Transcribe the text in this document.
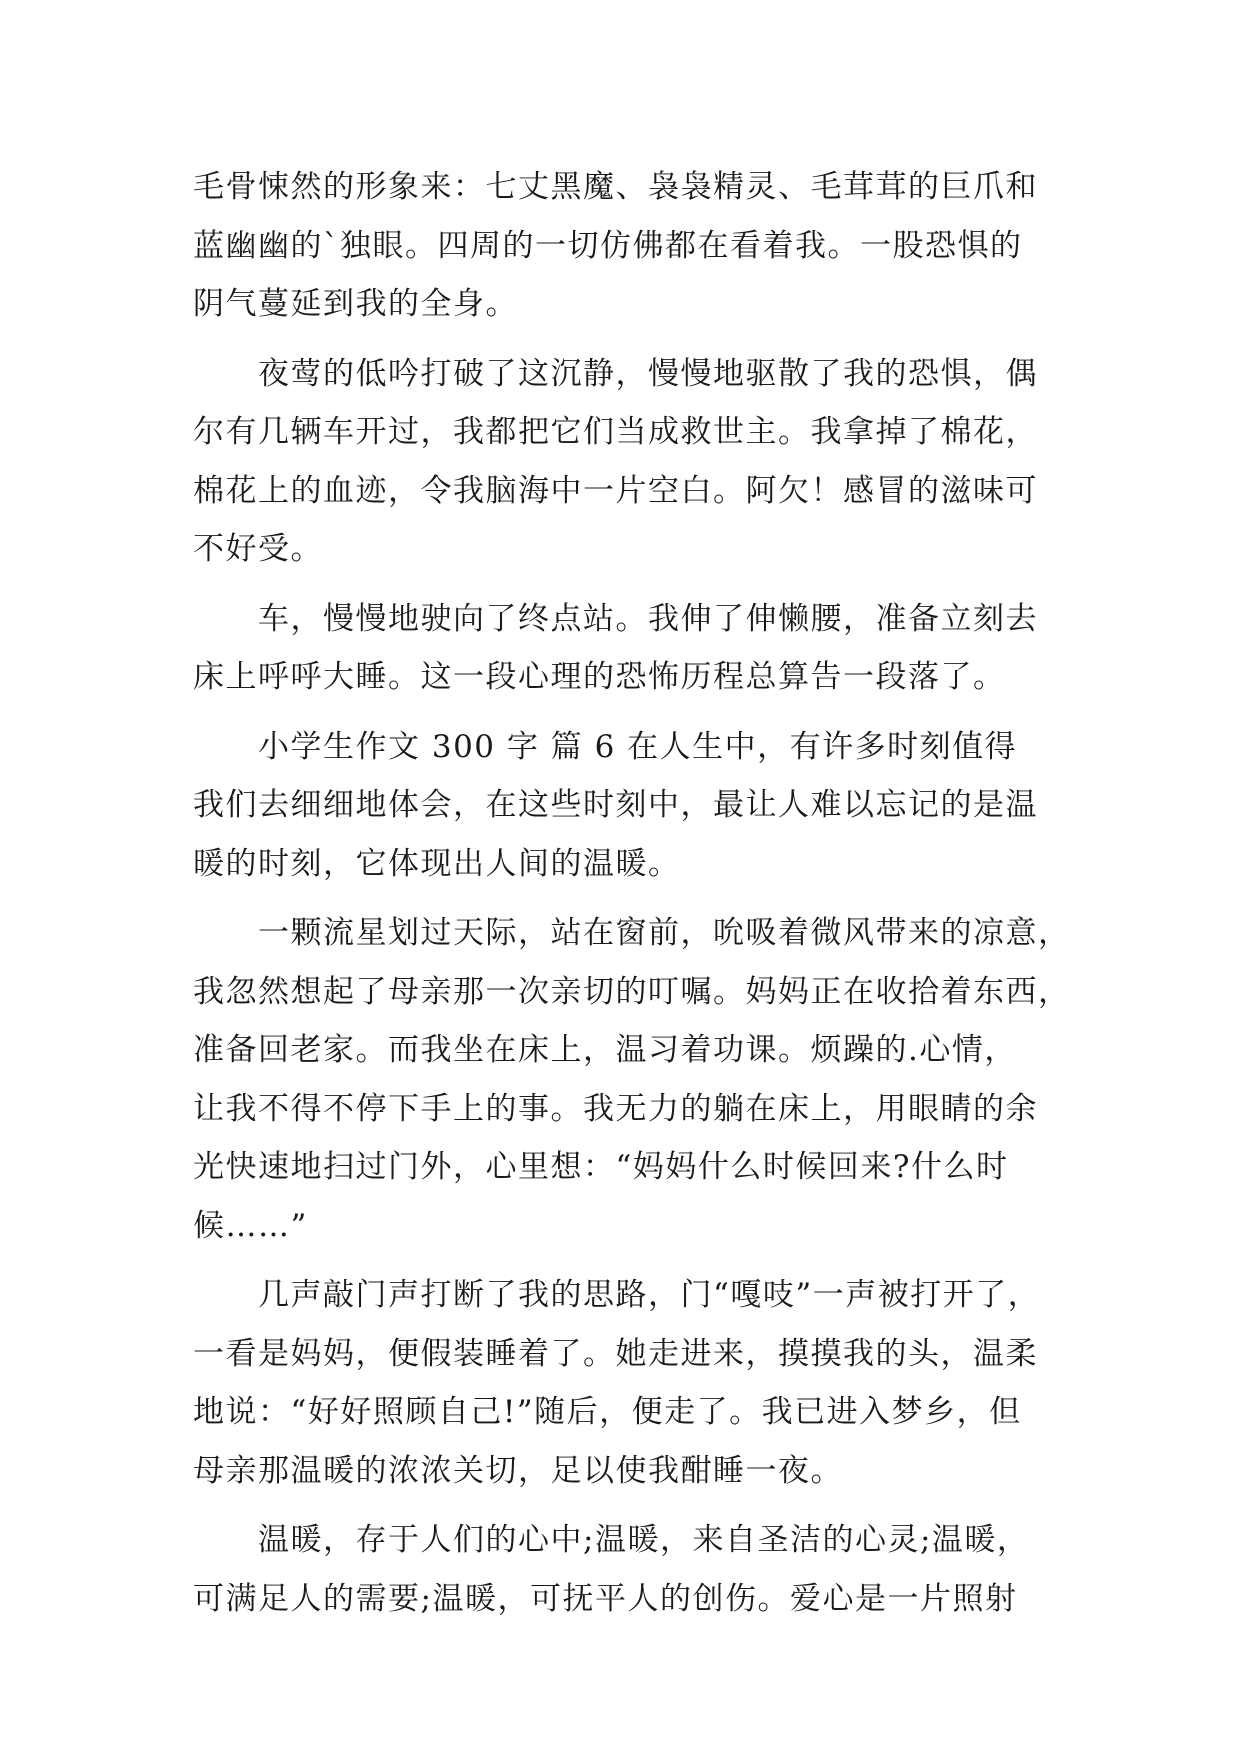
毛骨悚然的形象来：七丈黑魔、袅袅精灵、毛茸茸的巨爪和
蓝幽幽的`独眼。四周的一切仿佛都在看着我。一股恐惧的
阴气蔓延到我的全身。
夜莺的低吟打破了这沉静，慢慢地驱散了我的恐惧，偶
尔有几辆车开过，我都把它们当成救世主。我拿掉了棉花，
棉花上的血迹，令我脑海中一片空白。阿欠！感冒的滋味可
不好受。
车，慢慢地驶向了终点站。我伸了伸懒腰，准备立刻去
床上呼呼大睡。这一段心理的恐怖历程总算告一段落了。
小学生作文 300 字 篇 6 在人生中，有许多时刻值得
我们去细细地体会，在这些时刻中，最让人难以忘记的是温
暖的时刻，它体现出人间的温暖。
一颗流星划过天际，站在窗前，吮吸着微风带来的凉意，
我忽然想起了母亲那一次亲切的叮嘱。妈妈正在收拾着东西，
准备回老家。而我坐在床上，温习着功课。烦躁的.心情，
让我不得不停下手上的事。我无力的躺在床上，用眼睛的余
光快速地扫过门外，心里想：“妈妈什么时候回来?什么时
候……”
几声敲门声打断了我的思路，门“嘎吱”一声被打开了，
一看是妈妈，便假装睡着了。她走进来，摸摸我的头，温柔
地说：“好好照顾自己!”随后，便走了。我已进入梦乡，但
母亲那温暖的浓浓关切，足以使我酣睡一夜。
温暖，存于人们的心中;温暖，来自圣洁的心灵;温暖，
可满足人的需要;温暖，可抚平人的创伤。爱心是一片照射
